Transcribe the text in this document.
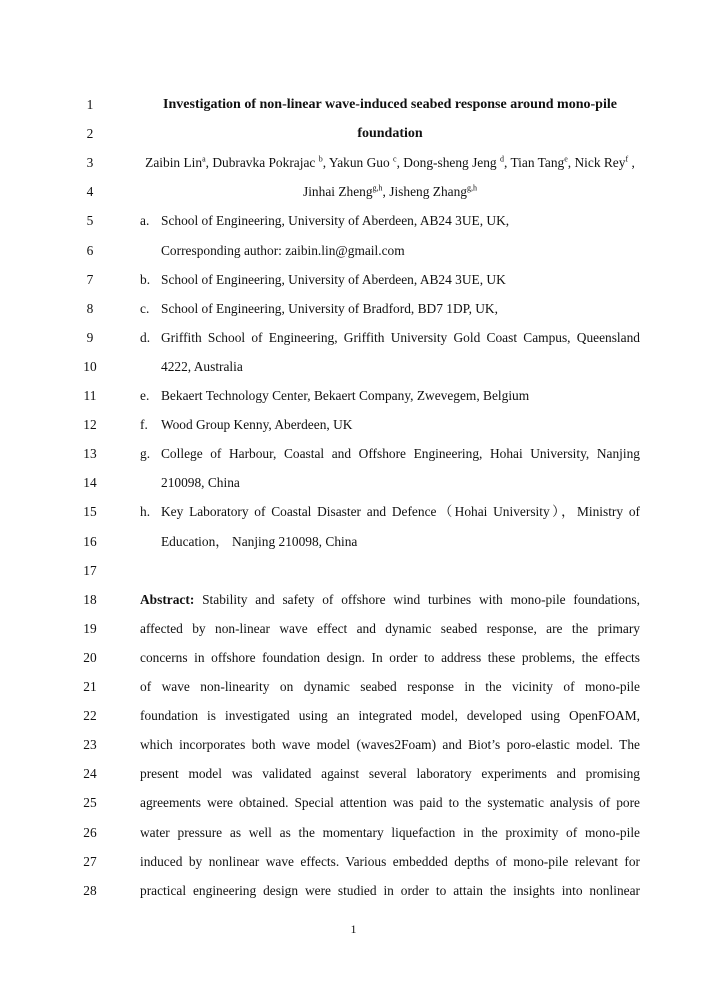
1	Investigation of non-linear wave-induced seabed response around mono-pile
2	foundation
3	Zaibin Lin$^a$, Dubravka Pokrajac $^b$, Yakun Guo $^c$, Dong-sheng Jeng $^d$, Tian Tang$^e$, Nick Rey$^f$ ,
4	Jinhai Zheng$^{g,h}$, Jisheng Zhang$^{g,h}$
5	a. School of Engineering, University of Aberdeen, AB24 3UE, UK,
6	Corresponding author: zaibin.lin@gmail.com
7	b. School of Engineering, University of Aberdeen, AB24 3UE, UK
8	c. School of Engineering, University of Bradford, BD7 1DP, UK,
9	d. Griffith School of Engineering, Griffith University Gold Coast Campus, Queensland
10	4222, Australia
11	e. Bekaert Technology Center, Bekaert Company, Zwevegem, Belgium
12	f. Wood Group Kenny, Aberdeen, UK
13	g. College of Harbour, Coastal and Offshore Engineering, Hohai University, Nanjing
14	210098, China
15	h. Key Laboratory of Coastal Disaster and Defence（Hohai University），Ministry of
16	Education， Nanjing 210098, China
17
18	Abstract: Stability and safety of offshore wind turbines with mono-pile foundations,
19	affected by non-linear wave effect and dynamic seabed response, are the primary
20	concerns in offshore foundation design. In order to address these problems, the effects
21	of wave non-linearity on dynamic seabed response in the vicinity of mono-pile
22	foundation is investigated using an integrated model, developed using OpenFOAM,
23	which incorporates both wave model (waves2Foam) and Biot’s poro-elastic model. The
24	present model was validated against several laboratory experiments and promising
25	agreements were obtained. Special attention was paid to the systematic analysis of pore
26	water pressure as well as the momentary liquefaction in the proximity of mono-pile
27	induced by nonlinear wave effects. Various embedded depths of mono-pile relevant for
28	practical engineering design were studied in order to attain the insights into nonlinear
1
